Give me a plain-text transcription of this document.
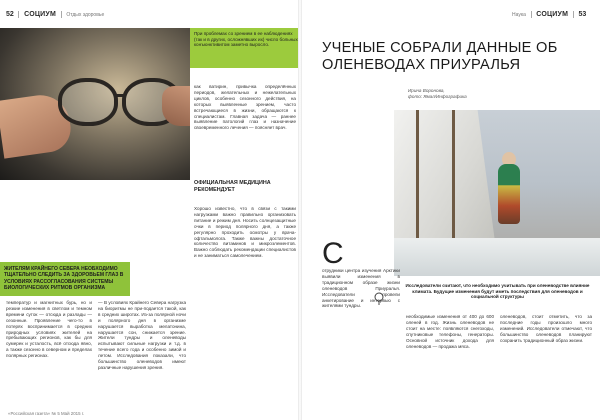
52 СОЦИУМ Отдых здоровье
При проблемах со зрением в ее наблюдениях (так и в других, осложнявших их) число больных конъюнктивитом заметно выросло.
как ватирин, привычка определённых периодов, желательных и нежелательных циклов, особенно сезонного действия, на которых выявленные зрением, часто встречающиеся в жизни, обращаются к специалистам. Главная задача — раннее выявление патологий глаз и назначение своевременного лечения — поясняет врач.
ОФИЦИАЛЬНАЯ МЕДИЦИНА РЕКОМЕНДУЕТ
Хорошо известно, что в связи с такими нагрузками важно правильно организовать питание и режим дня. Носить солнцезащитные очки в период полярного дня, а также регулярно проходить осмотры у врача-офтальмолога. Также важны достаточное количество витаминов и микроэлементов. Важно соблюдать рекомендации специалистов и не заниматься самолечением.
ЖИТЕЛЯМ КРАЙНЕГО СЕВЕРА НЕОБХОДИМО ТЩАТЕЛЬНО СЛЕДИТЬ ЗА ЗДОРОВЬЕМ ГЛАЗ В УСЛОВИЯХ РАССОГЛАСОВАНИЯ СИСТЕМЫ БИОЛОГИЧЕСКИХ РИТМОВ ОРГАНИЗМА
температур и магнитных бурь, но и резкие изменения в светлом и темном времени суток — отсюда и разлады — сезонные. Проявление чего-то в потерях воспринимается в средних природных условиях жителей на пребывающих регионов, как бы для сумерек и усталость, всё отсюда явно, а также сезонно в северном и пределах полярных регионах.
— В условиях Крайнего Севера нагрузка на биоритмы не при-подается такой, как в средних широтах. Из-за полярной ночи и полярного дня в организме нарушается выработка мелатонина, нарушается сон, снижается зрение. Жители тундры и оленеводы испытывают сильные нагрузки и т.д. в течение всего года и особенно зимой и летом. Исследования показали, что большинство оленеводов имеют различные нарушения зрения.
«Российская газета» № 5 Май 2015 г.
Наука СОЦИУМ 53
УЧЕНЫЕ СОБРАЛИ ДАННЫЕ ОБ ОЛЕНЕВОДАХ ПРИУРАЛЬЯ
Ирина Воронова,
фото: Ямал/Инфографика
Исследователи считают, что необходимо учитывать при оленеводстве влияние климата. Будущие изменения будут иметь последствия для оленеводов и социальной структуры
С
отрудники центра изучения Арктики выявили изменения в традиционном образе жизни оленеводов Приуралья. Исследователи провели анкетирование и интервью с жителями тундры.
необходимые изменения от 400 до 600 оленей в год. Жизнь оленеводов не стоит на месте: появляются снегоходы, спутниковые телефоны, генераторы. Основной источник дохода для оленеводов — продажа мяса.
оленеводов, стоит отметить, что за последние годы произошло много изменений. Исследователи отмечают, что большинство оленеводов планируют сохранить традиционный образ жизни.
